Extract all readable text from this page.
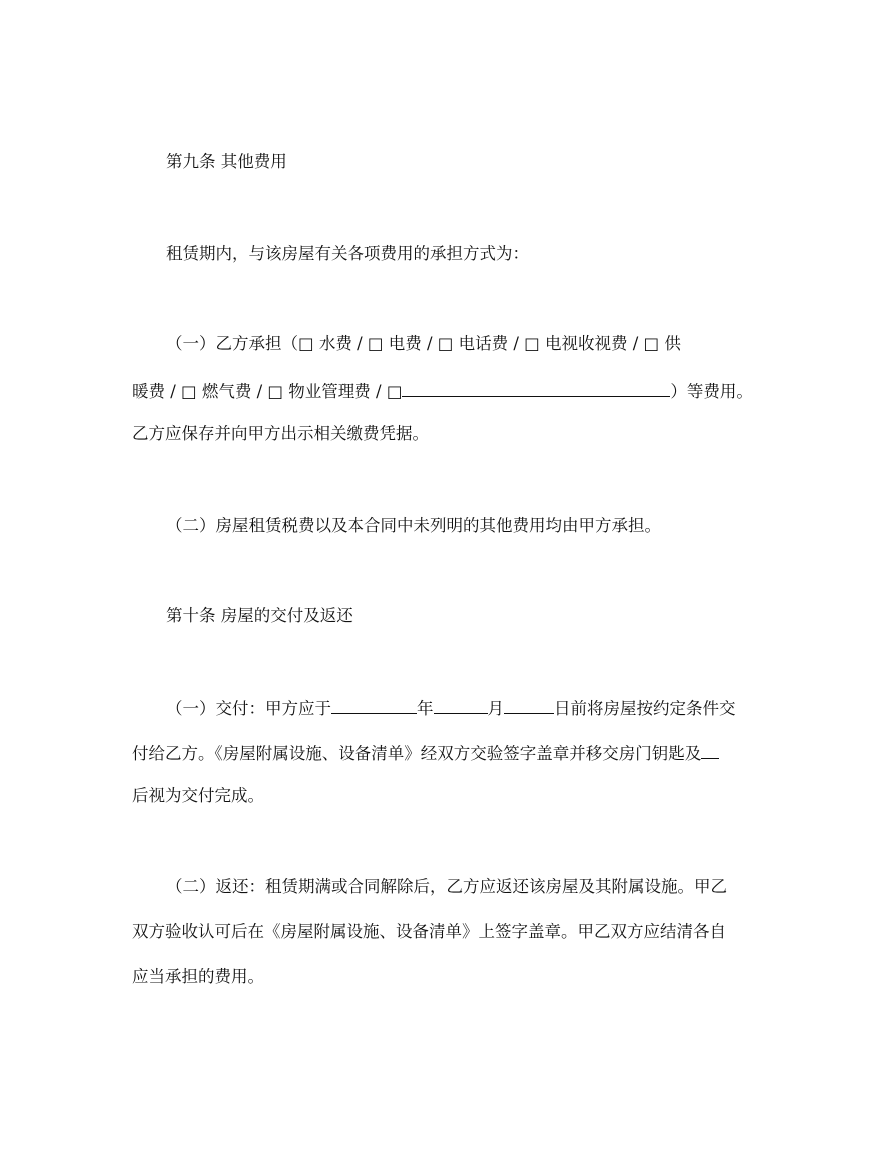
第九条 其他费用
租赁期内，与该房屋有关各项费用的承担方式为：
（一）乙方承担（□ 水费 / □ 电费 / □ 电话费 / □ 电视收视费 / □ 供
暖费 / □ 燃气费 / □ 物业管理费 / □	）等费用。
乙方应保存并向甲方出示相关缴费凭据。
（二）房屋租赁税费以及本合同中未列明的其他费用均由甲方承担。
第十条 房屋的交付及返还
（一）交付：甲方应于	年	月	日前将房屋按约定条件交
付给乙方。《房屋附属设施、设备清单》经双方交验签字盖章并移交房门钥匙及
后视为交付完成。
（二）返还：租赁期满或合同解除后，乙方应返还该房屋及其附属设施。甲乙
双方验收认可后在《房屋附属设施、设备清单》上签字盖章。甲乙双方应结清各自
应当承担的费用。
